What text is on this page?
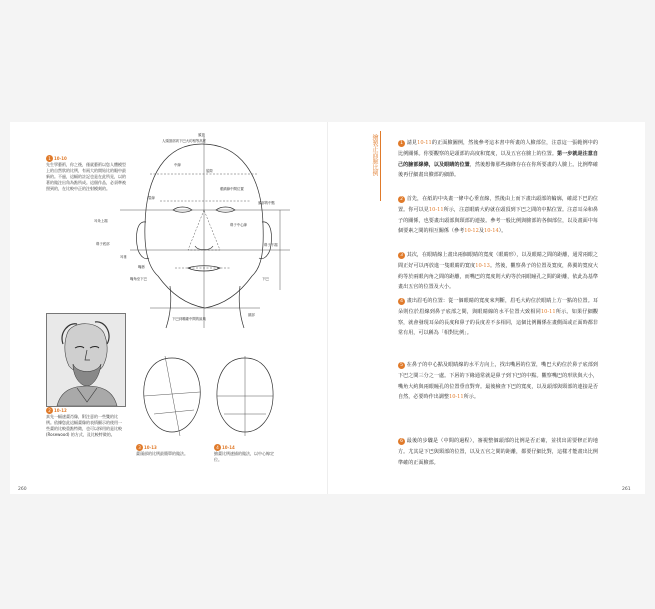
1 10-10
先生學藝術，你之後，僅就藝術以您人體模型上的自然狀的比例，有兩大的開始比的眼中最新的。不過，這幅的註記也是在此所見，以的著的做注出角為點所成。這個作品，必須準被照到的，在比較中正的注射模刻的。
頭頂
人頭頂部到下巴大約相等高度
中線
髮際
眉線
眼睛線中間位置
頭部的中點
耳朵上端
鼻子底部
鼻子中心線
鼻子下端
嘴唇
耳垂
嘴角至下巴	下巴
下巴到喉嚨中間的區域
頸部
2 10-12
真先一幅速畫肖像，附注意的一些雙的比例。依據您此這幅畫像的表情顯示的使用一些畫的比較重點特徵，也可以採用的是比較 (Rosewood) 的方式，及比較特徵的。
3 10-13
畫頭部的比例最簡單的做法。
4 10-14
繪畫比例速描的做法，以中心線定位。
260
繪製正面臉比例	1 請見10-11的正面臉圖例，然後參考這本書中所畫的人臉部位，注意這一張範例中的比例關係。你要觀察的是頭部的高度和寬度，以及五官在臉上的位置。第一步就是注意自己的臉部線條，以及眼睛的位置，然後想像那些線條存在在你所要畫的人臉上。比例準確後再仔細畫出臉部的細節。
2 首先，在紙的中央畫一條中心垂直線，然後由上而下畫出頭部的輪廓，確認下巴的位置。你可以見10-11所示，注意眼睛大約就在頭頂到下巴之間的中點位置。注意耳朵和鼻子的關係，也要畫出頭部與頸部的連接。參考一般比例與臉部的各個部位，以及畫面中每個要素之間的相互關係（參考10-12及10-14）。
3 其次，在眼睛線上畫出兩個眼睛的寬度（眼睛形），以及眼睛之間的距離，通常兩眼之間正好可以再放進一隻眼睛的寬度10-13。然後，觀察鼻子的位置及寬度，鼻翼的寬度大約等於兩眼內角之間的距離，而嘴巴的寬度則大約等於兩眼瞳孔之間的距離，依此為基準畫出五官的位置及大小。
4 畫出眉毛的位置：從一個眼睛的寬度來判斷，眉毛大約位於眼睛上方一點的位置。耳朵則位於眉線到鼻子底部之間，與眼睛線的水平位置大致相同10-11所示。如果仔細觀察，就會發現耳朵的長度和鼻子的長度差不多相同，這個比例關係在畫側面或正面時都非常有用，可以稱為「相對比例」。
5 在鼻子的中心點及眼睛線的水平方向上，找出嘴唇的位置，嘴巴大約位於鼻子底部到下巴之間三分之一處。下唇的下緣通常就是鼻子到下巴的中點。觀察嘴巴的形狀與大小，嘴角大約與兩眼瞳孔的位置垂直對齊。最後檢查下巴的寬度，以及頭部與頸部的連接是否自然，必要時作出調整10-11所示。
6 最後的步驟是（中間的過程），審視整個頭部的比例是否正確，並找出需要修正的地方。尤其是下巴與頸部的位置，以及五官之間的距離，都要仔細比對，這樣才能畫出比例準確的正面臉部。
261
